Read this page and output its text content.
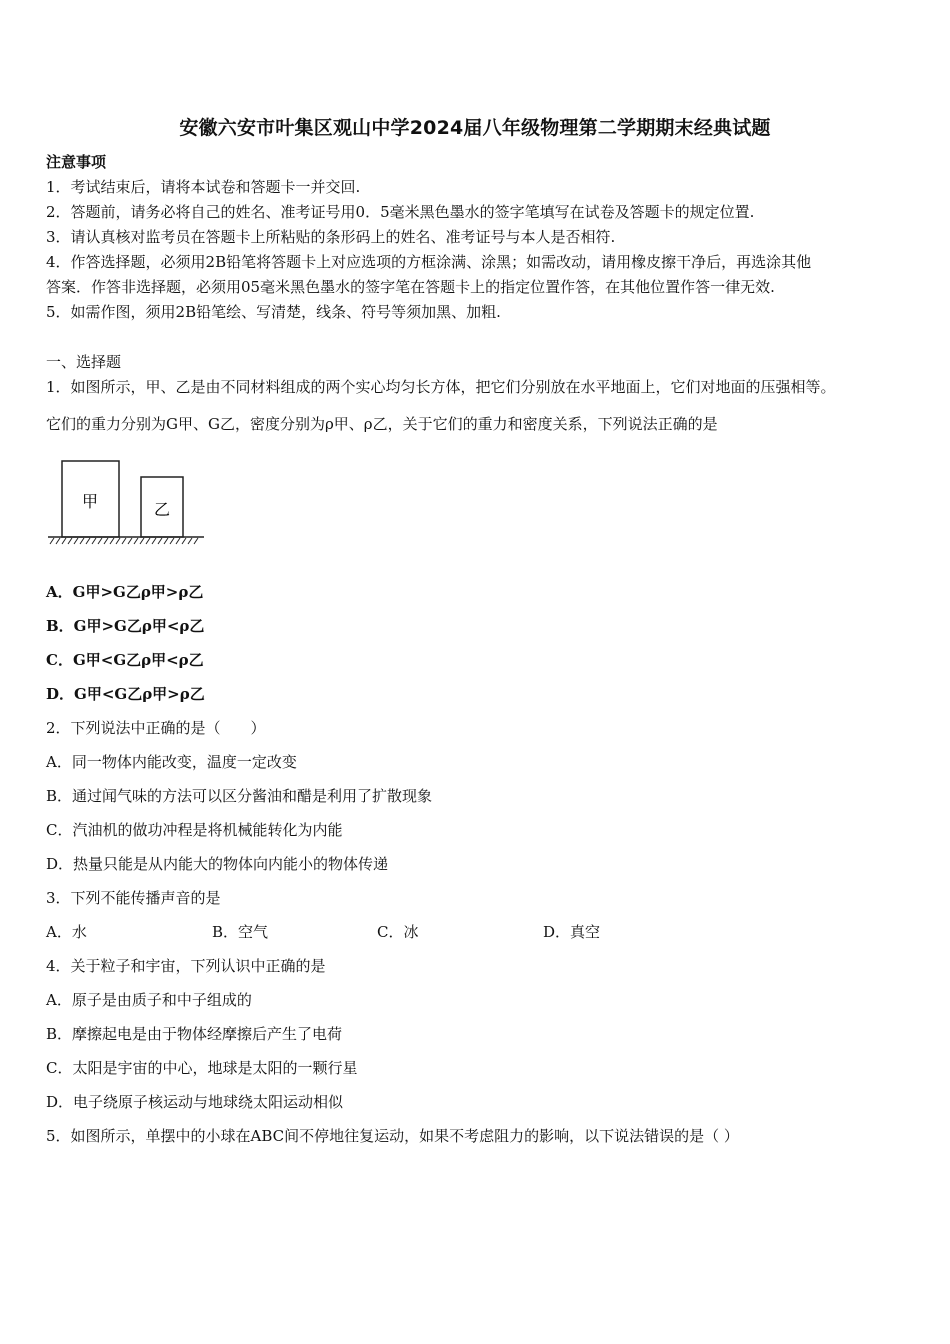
安徽六安市叶集区观山中学2024届八年级物理第二学期期末经典试题
注意事项
1．考试结束后，请将本试卷和答题卡一并交回.
2．答题前，请务必将自己的姓名、准考证号用0．5毫米黑色墨水的签字笔填写在试卷及答题卡的规定位置.
3．请认真核对监考员在答题卡上所粘贴的条形码上的姓名、准考证号与本人是否相符.
4．作答选择题，必须用2B铅笔将答题卡上对应选项的方框涂满、涂黑；如需改动，请用橡皮擦干净后，再选涂其他
答案．作答非选择题，必须用05毫米黑色墨水的签字笔在答题卡上的指定位置作答，在其他位置作答一律无效.
5．如需作图，须用2B铅笔绘、写清楚，线条、符号等须加黑、加粗.
一、选择题
1．如图所示，甲、乙是由不同材料组成的两个实心均匀长方体，把它们分别放在水平地面上，它们对地面的压强相等。
它们的重力分别为G甲、G乙，密度分别为ρ甲、ρ乙，关于它们的重力和密度关系，下列说法正确的是
甲	乙
A．G甲>G乙ρ甲>ρ乙
B．G甲>G乙ρ甲<ρ乙
C．G甲<G乙ρ甲<ρ乙
D．G甲<G乙ρ甲>ρ乙
2．下列说法中正确的是（　　）
A．同一物体内能改变，温度一定改变
B．通过闻气味的方法可以区分酱油和醋是利用了扩散现象
C．汽油机的做功冲程是将机械能转化为内能
D．热量只能是从内能大的物体向内能小的物体传递
3．下列不能传播声音的是
A．水	B．空气	C．冰	D．真空
4．关于粒子和宇宙，下列认识中正确的是
A．原子是由质子和中子组成的
B．摩擦起电是由于物体经摩擦后产生了电荷
C．太阳是宇宙的中心，地球是太阳的一颗行星
D．电子绕原子核运动与地球绕太阳运动相似
5．如图所示，单摆中的小球在ABC间不停地往复运动，如果不考虑阻力的影响，以下说法错误的是（ ）
